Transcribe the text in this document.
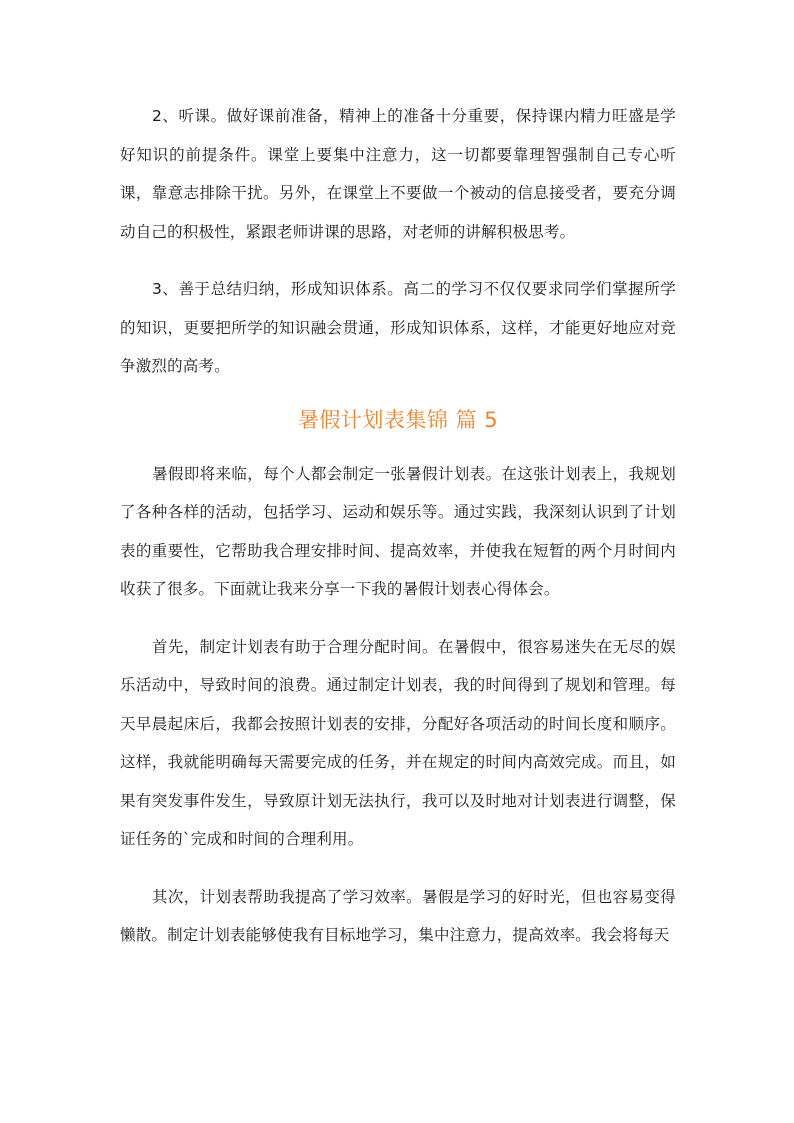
2、听课。做好课前准备，精神上的准备十分重要，保持课内精力旺盛是学好知识的前提条件。课堂上要集中注意力，这一切都要靠理智强制自己专心听课，靠意志排除干扰。另外，在课堂上不要做一个被动的信息接受者，要充分调动自己的积极性，紧跟老师讲课的思路，对老师的讲解积极思考。

3、善于总结归纳，形成知识体系。高二的学习不仅仅要求同学们掌握所学的知识，更要把所学的知识融会贯通，形成知识体系，这样，才能更好地应对竞争激烈的高考。

暑假计划表集锦 篇 5

暑假即将来临，每个人都会制定一张暑假计划表。在这张计划表上，我规划了各种各样的活动，包括学习、运动和娱乐等。通过实践，我深刻认识到了计划表的重要性，它帮助我合理安排时间、提高效率，并使我在短暂的两个月时间内收获了很多。下面就让我来分享一下我的暑假计划表心得体会。

首先，制定计划表有助于合理分配时间。在暑假中，很容易迷失在无尽的娱乐活动中，导致时间的浪费。通过制定计划表，我的时间得到了规划和管理。每天早晨起床后，我都会按照计划表的安排，分配好各项活动的时间长度和顺序。这样，我就能明确每天需要完成的任务，并在规定的时间内高效完成。而且，如果有突发事件发生，导致原计划无法执行，我可以及时地对计划表进行调整，保证任务的`完成和时间的合理利用。

其次，计划表帮助我提高了学习效率。暑假是学习的好时光，但也容易变得懒散。制定计划表能够使我有目标地学习，集中注意力，提高效率。我会将每天
